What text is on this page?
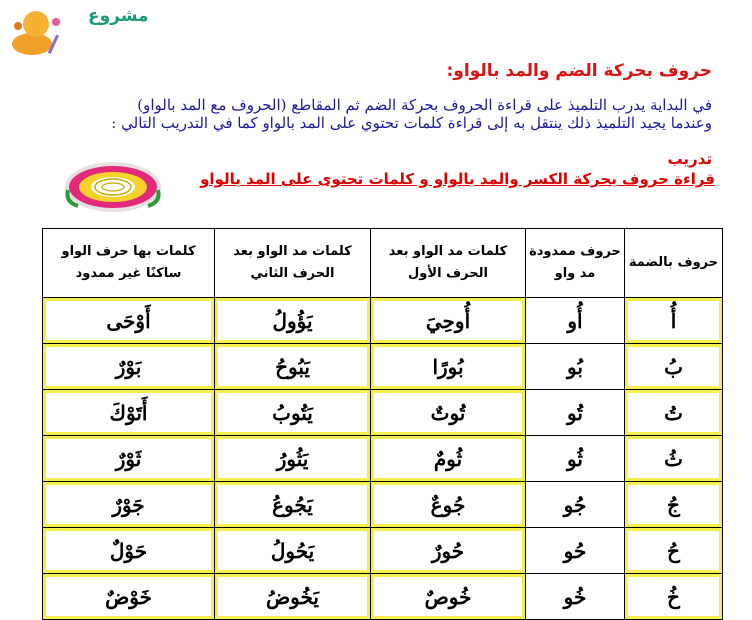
مشروع
حروف بحركة الضم والمد بالواو:
في البداية يدرب التلميذ على قراءة الحروف بحركة الضم ثم المقاطع (الحروف مع المد بالواو)
وعندما يجيد التلميذ ذلك ينتقل به إلى قراءة كلمات تحتوي على المد بالواو كما في التدريب التالي :
تدريب
قراءة حروف بحركة الكسر والمد بالواو و كلمات تحتوى على المد بالواو
حروف بالضمة	حروف ممدودة مد واو	كلمات مد الواو بعد الحرف الأول	كلمات مد الواو بعد الحرف الثاني	كلمات بها حرف الواو ساكنًا غير ممدود
أُ	أُو	أُوحِيَ	يَؤُولُ	أَوْحَى
بُ	بُو	بُورًا	يَبُوحُ	بَوْرٌ
تُ	تُو	تُوتٌ	يَتُوبُ	أَتَوْكَ
ثُ	ثُو	ثُومٌ	يَثُورُ	ثَوْرٌ
جُ	جُو	جُوعٌ	يَجُوعُ	جَوْرٌ
حُ	حُو	حُورٌ	يَحُولُ	حَوْلٌ
خُ	خُو	خُوصٌ	يَخُوضُ	خَوْضٌ
